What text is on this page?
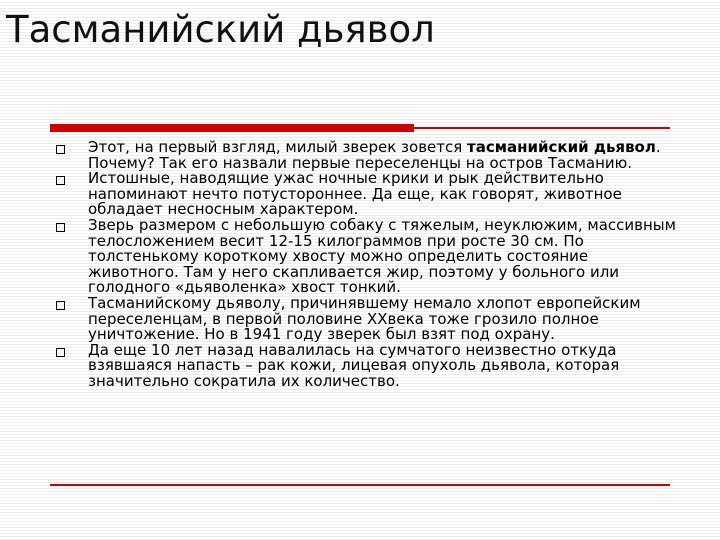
Тасманийский дьявол
Этот, на первый взгляд, милый зверек зовется тасманийский дьявол. Почему? Так его назвали первые переселенцы на остров Тасманию.
Истошные, наводящие ужас ночные крики и рык действительно напоминают нечто потустороннее. Да еще, как говорят, животное обладает несносным характером.
Зверь размером с небольшую собаку с тяжелым, неуклюжим, массивным телосложением весит 12-15 килограммов при росте 30 см. По толстенькому короткому хвосту можно определить состояние животного. Там у него скапливается жир, поэтому у больного или голодного «дьяволенка» хвост тонкий.
Тасманийскому дьяволу, причинявшему немало хлопот европейским переселенцам, в первой половине XXвека тоже грозило полное уничтожение. Но в 1941 году зверек был взят под охрану.
Да еще 10 лет назад навалилась на сумчатого неизвестно откуда взявшаяся напасть – рак кожи, лицевая опухоль дьявола, которая значительно сократила их количество.
